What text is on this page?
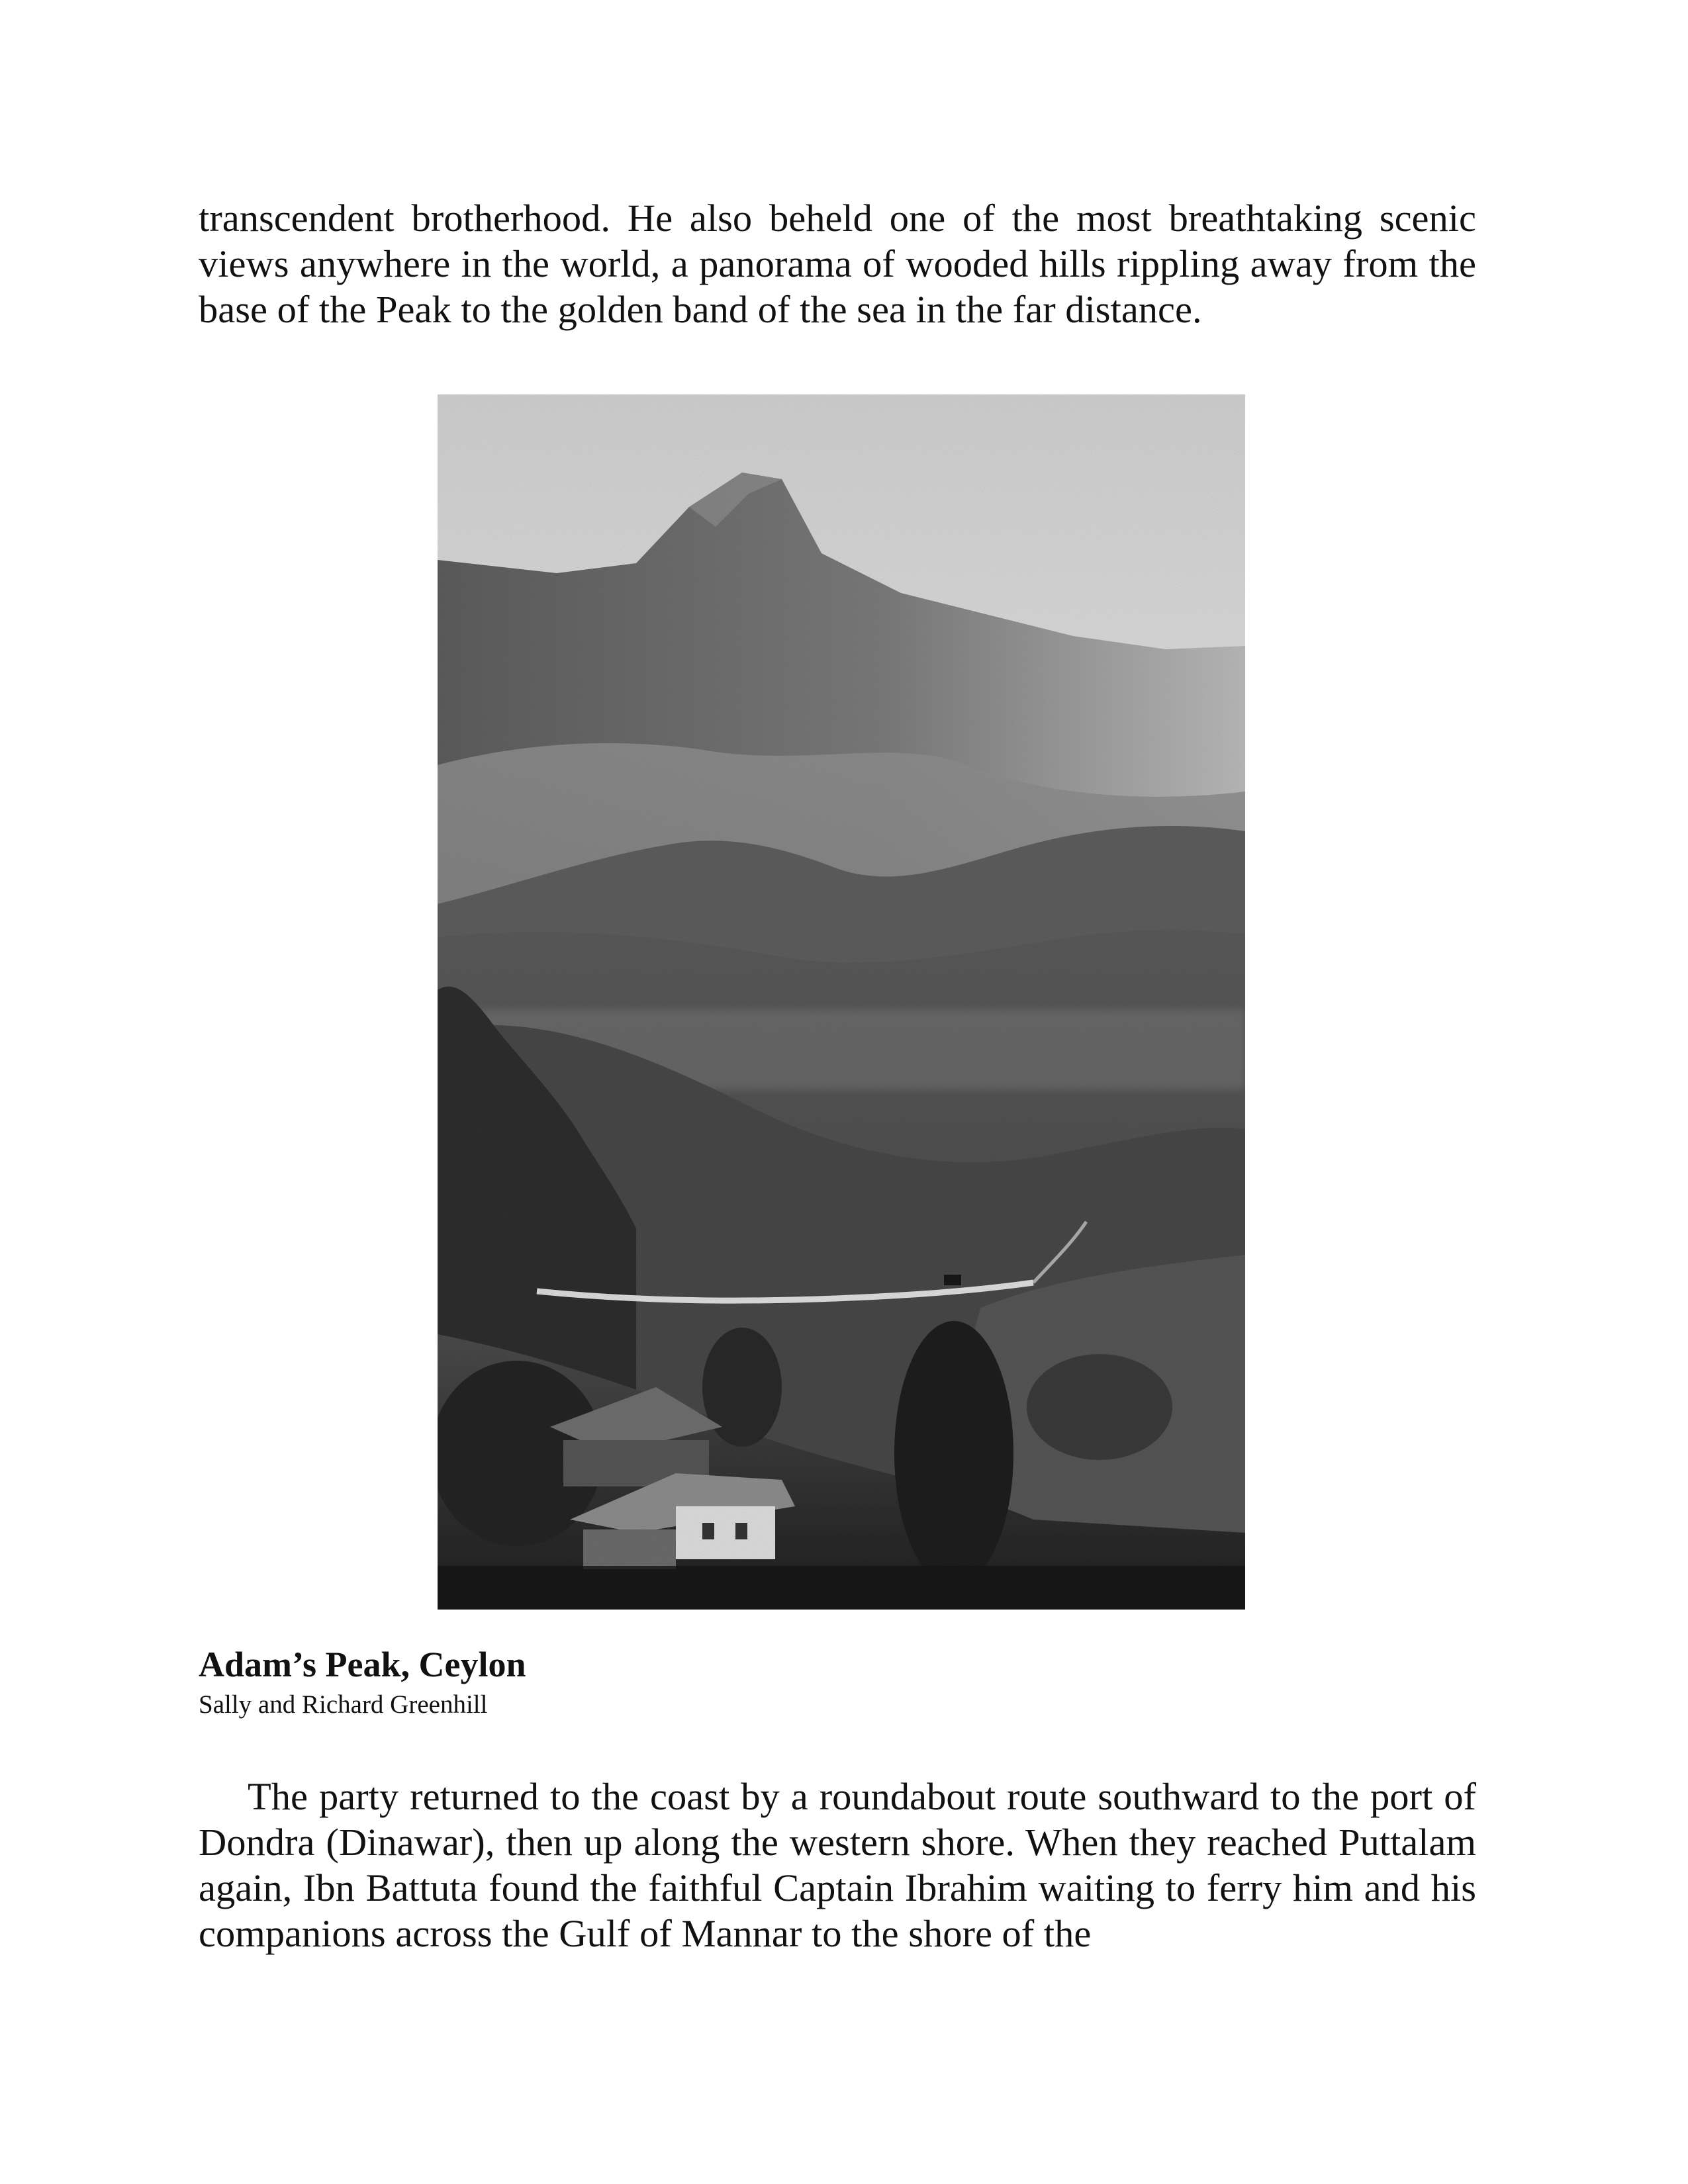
transcendent brotherhood. He also beheld one of the most breathtaking scenic views anywhere in the world, a panorama of wooded hills rippling away from the base of the Peak to the golden band of the sea in the far distance.

Adam’s Peak, Ceylon

Sally and Richard Greenhill

The party returned to the coast by a roundabout route southward to the port of Dondra (Dinawar), then up along the western shore. When they reached Puttalam again, Ibn Battuta found the faithful Captain Ibrahim waiting to ferry him and his companions across the Gulf of Mannar to the shore of the
